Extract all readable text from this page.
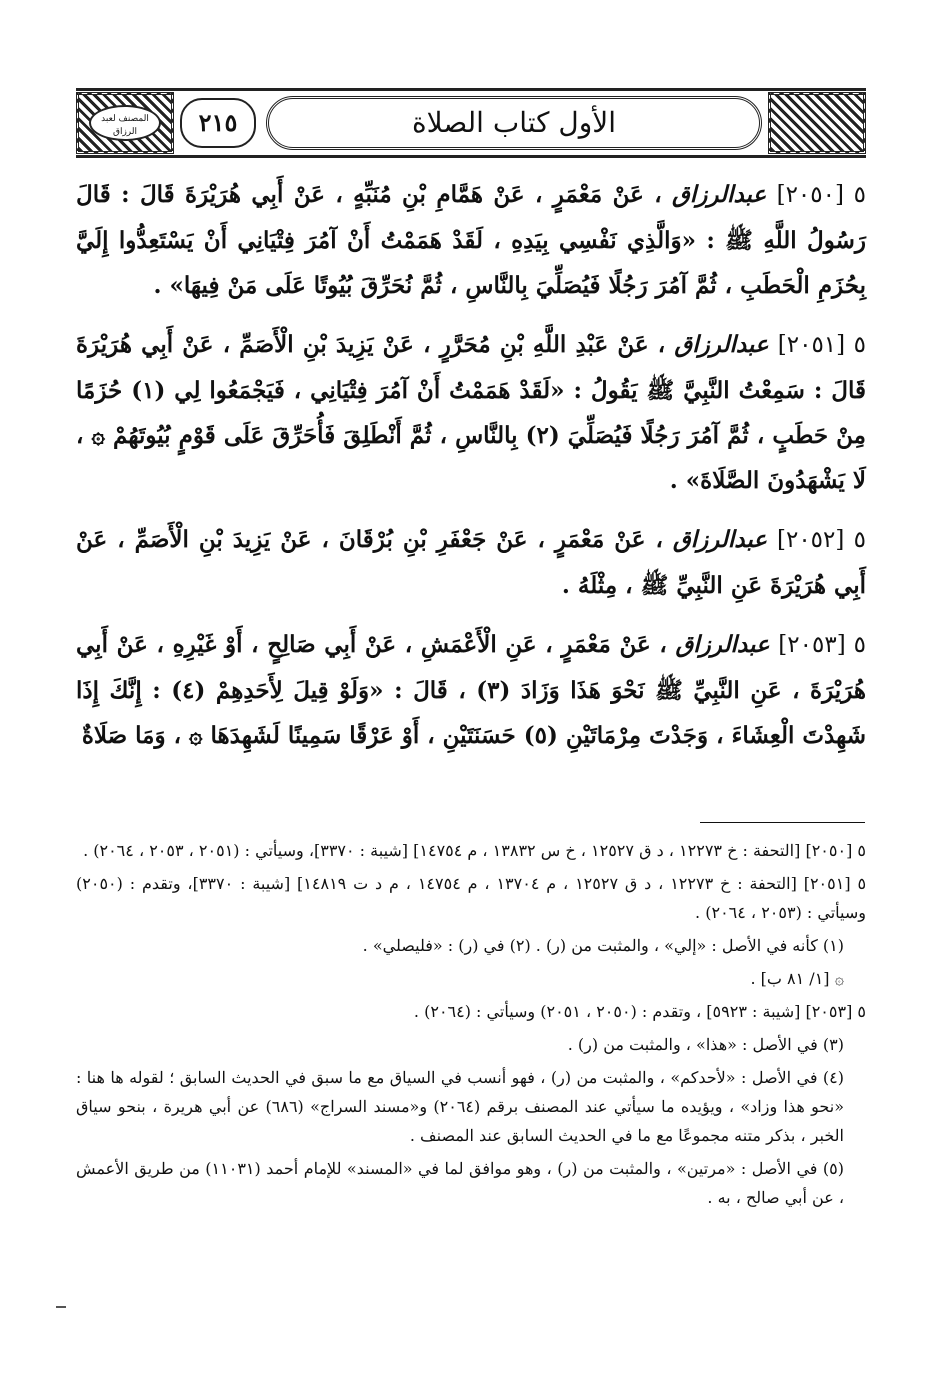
المصنف لعبد الرزاق	٢١٥	الأول كتاب الصلاة

٥ [٢٠٥٠] عبدالرزاق ، عَنْ مَعْمَرٍ ، عَنْ هَمَّامِ بْنِ مُنَبِّهٍ ، عَنْ أَبِي هُرَيْرَةَ قَالَ : قَالَ رَسُولُ اللَّهِ ﷺ : «وَالَّذِي نَفْسِي بِيَدِهِ ، لَقَدْ هَمَمْتُ أَنْ آمُرَ فِتْيَانِي أَنْ يَسْتَعِدُّوا إِلَيَّ بِحُزَمِ الْحَطَبِ ، ثُمَّ آمُرَ رَجُلًا فَيُصَلِّيَ بِالنَّاسِ ، ثُمَّ نُحَرِّقَ بُيُوتًا عَلَى مَنْ فِيهَا» .

٥ [٢٠٥١] عبدالرزاق ، عَنْ عَبْدِ اللَّهِ بْنِ مُحَرَّرٍ ، عَنْ يَزِيدَ بْنِ الْأَصَمِّ ، عَنْ أَبِي هُرَيْرَةَ قَالَ : سَمِعْتُ النَّبِيَّ ﷺ يَقُولُ : «لَقَدْ هَمَمْتُ أَنْ آمُرَ فِتْيَانِي ، فَيَجْمَعُوا لِي (١) حُزَمًا مِنْ حَطَبٍ ، ثُمَّ آمُرَ رَجُلًا فَيُصَلِّيَ (٢) بِالنَّاسِ ، ثُمَّ أَنْطَلِقَ فَأُحَرِّقَ عَلَى قَوْمٍ بُيُوتَهُمْ ۞ ، لَا يَشْهَدُونَ الصَّلَاةَ» .

٥ [٢٠٥٢] عبدالرزاق ، عَنْ مَعْمَرٍ ، عَنْ جَعْفَرِ بْنِ بُرْقَانَ ، عَنْ يَزِيدَ بْنِ الْأَصَمِّ ، عَنْ أَبِي هُرَيْرَةَ عَنِ النَّبِيِّ ﷺ ، مِثْلَهُ .

٥ [٢٠٥٣] عبدالرزاق ، عَنْ مَعْمَرٍ ، عَنِ الْأَعْمَشِ ، عَنْ أَبِي صَالِحٍ ، أَوْ غَيْرِهِ ، عَنْ أَبِي هُرَيْرَةَ ، عَنِ النَّبِيِّ ﷺ نَحْوَ هَذَا وَزَادَ (٣) ، قَالَ : «وَلَوْ قِيلَ لِأَحَدِهِمْ (٤) : إِنَّكَ إِذَا شَهِدْتَ الْعِشَاءَ ، وَجَدْتَ مِرْمَاتَيْنِ (٥) حَسَنَتَيْنِ ، أَوْ عَرْقًا سَمِينًا لَشَهِدَهَا ۞ ، وَمَا صَلَاةٌ

٥ [٢٠٥٠] [التحفة : خ ١٢٢٧٣ ، د ق ١٢٥٢٧ ، خ س ١٣٨٣٢ ، م ١٤٧٥٤] [شيبة : ٣٣٧٠]، وسيأتي : (٢٠٥١ ، ٢٠٥٣ ، ٢٠٦٤) .

٥ [٢٠٥١] [التحفة : خ ١٢٢٧٣ ، د ق ١٢٥٢٧ ، م ١٣٧٠٤ ، م ١٤٧٥٤ ، م د ت ١٤٨١٩] [شيبة : ٣٣٧٠]، وتقدم : (٢٠٥٠) وسيأتي : (٢٠٥٣ ، ٢٠٦٤) .

(١) كأنه في الأصل : «إلي» ، والمثبت من (ر) . (٢) في (ر) : «فليصلي» .

۞ [١/ ٨١ ب] .

٥ [٢٠٥٣] [شيبة : ٥٩٢٣] ، وتقدم : (٢٠٥٠ ، ٢٠٥١) وسيأتي : (٢٠٦٤) .

(٣) في الأصل : «هذا» ، والمثبت من (ر) .

(٤) في الأصل : «لأحدكم» ، والمثبت من (ر) ، فهو أنسب في السياق مع ما سبق في الحديث السابق ؛ لقوله ها هنا : «نحو هذا وزاد» ، ويؤيده ما سيأتي عند المصنف برقم (٢٠٦٤) و«مسند السراج» (٦٨٦) عن أبي هريرة ، بنحو سياق الخبر ، بذكر متنه مجموعًا مع ما في الحديث السابق عند المصنف .

(٥) في الأصل : «مرتين» ، والمثبت من (ر) ، وهو موافق لما في «المسند» للإمام أحمد (١١٠٣١) من طريق الأعمش ، عن أبي صالح ، به .
